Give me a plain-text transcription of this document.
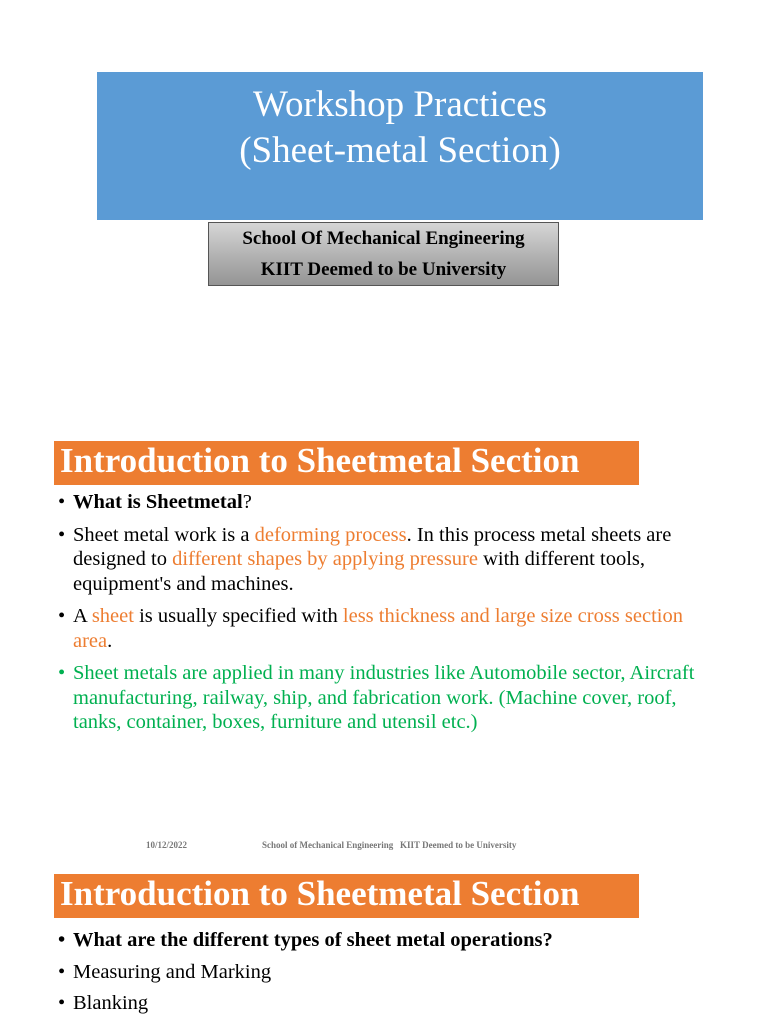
Workshop Practices
(Sheet-metal Section)
School Of Mechanical Engineering
KIIT Deemed to be University
Introduction to Sheetmetal Section
• What is Sheetmetal?
• Sheet metal work is a deforming process. In this process metal sheets are designed to different shapes by applying pressure with different tools, equipment's and machines.
• A sheet is usually specified with less thickness and large size cross section area.
• Sheet metals are applied in many industries like Automobile sector, Aircraft manufacturing, railway, ship, and fabrication work. (Machine cover, roof, tanks, container, boxes, furniture and utensil etc.)
10/12/2022	School of Mechanical Engineering   KIIT Deemed to be University
Introduction to Sheetmetal Section
• What are the different types of sheet metal operations?
• Measuring and Marking
• Blanking
